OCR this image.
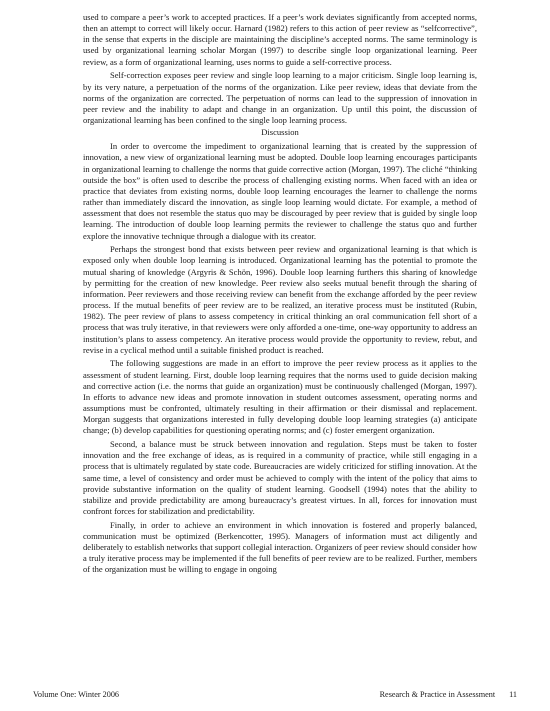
used to compare a peer’s work to accepted practices. If a peer’s work deviates significantly from accepted norms, then an attempt to correct will likely occur. Harnard (1982) refers to this action of peer review as “selfcorrective”, in the sense that experts in the disciple are maintaining the discipline’s accepted norms. The same terminology is used by organizational learning scholar Morgan (1997) to describe single loop organizational learning. Peer review, as a form of organizational learning, uses norms to guide a self-corrective process.

Self-correction exposes peer review and single loop learning to a major criticism. Single loop learning is, by its very nature, a perpetuation of the norms of the organization. Like peer review, ideas that deviate from the norms of the organization are corrected. The perpetuation of norms can lead to the suppression of innovation in peer review and the inability to adapt and change in an organization. Up until this point, the discussion of organizational learning has been confined to the single loop learning process.

Discussion

In order to overcome the impediment to organizational learning that is created by the suppression of innovation, a new view of organizational learning must be adopted. Double loop learning encourages participants in organizational learning to challenge the norms that guide corrective action (Morgan, 1997). The cliché “thinking outside the box” is often used to describe the process of challenging existing norms. When faced with an idea or practice that deviates from existing norms, double loop learning encourages the learner to challenge the norms rather than immediately discard the innovation, as single loop learning would dictate. For example, a method of assessment that does not resemble the status quo may be discouraged by peer review that is guided by single loop learning. The introduction of double loop learning permits the reviewer to challenge the status quo and further explore the innovative technique through a dialogue with its creator.

Perhaps the strongest bond that exists between peer review and organizational learning is that which is exposed only when double loop learning is introduced. Organizational learning has the potential to promote the mutual sharing of knowledge (Argyris & Schön, 1996). Double loop learning furthers this sharing of knowledge by permitting for the creation of new knowledge. Peer review also seeks mutual benefit through the sharing of information. Peer reviewers and those receiving review can benefit from the exchange afforded by the peer review process. If the mutual benefits of peer review are to be realized, an iterative process must be instituted (Rubin, 1982). The peer review of plans to assess competency in critical thinking an oral communication fell short of a process that was truly iterative, in that reviewers were only afforded a one-time, one-way opportunity to address an institution’s plans to assess competency. An iterative process would provide the opportunity to review, rebut, and revise in a cyclical method until a suitable finished product is reached.

The following suggestions are made in an effort to improve the peer review process as it applies to the assessment of student learning. First, double loop learning requires that the norms used to guide decision making and corrective action (i.e. the norms that guide an organization) must be continuously challenged (Morgan, 1997). In efforts to advance new ideas and promote innovation in student outcomes assessment, operating norms and assumptions must be confronted, ultimately resulting in their affirmation or their dismissal and replacement. Morgan suggests that organizations interested in fully developing double loop learning strategies (a) anticipate change; (b) develop capabilities for questioning operating norms; and (c) foster emergent organization.

Second, a balance must be struck between innovation and regulation. Steps must be taken to foster innovation and the free exchange of ideas, as is required in a community of practice, while still engaging in a process that is ultimately regulated by state code. Bureaucracies are widely criticized for stifling innovation. At the same time, a level of consistency and order must be achieved to comply with the intent of the policy that aims to provide substantive information on the quality of student learning. Goodsell (1994) notes that the ability to stabilize and provide predictability are among bureaucracy’s greatest virtues. In all, forces for innovation must confront forces for stabilization and predictability.

Finally, in order to achieve an environment in which innovation is fostered and properly balanced, communication must be optimized (Berkencotter, 1995). Managers of information must act diligently and deliberately to establish networks that support collegial interaction. Organizers of peer review should consider how a truly iterative process may be implemented if the full benefits of peer review are to be realized. Further, members of the organization must be willing to engage in ongoing

Volume One: Winter 2006	Research & Practice in Assessment 11
